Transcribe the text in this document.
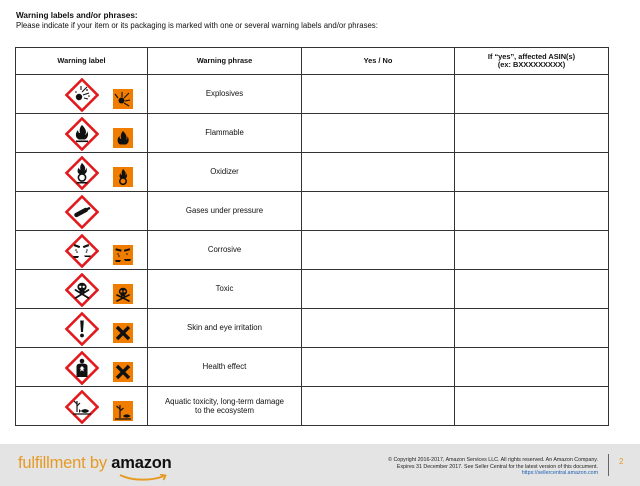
Warning labels and/or phrases:
Please indicate if your item or its packaging is marked with one or several warning labels and/or phrases:
Warning label	Warning phrase	Yes / No	If “yes”, affected ASIN(s)
(ex: BXXXXXXXXX)

	Explosives		

	Flammable		

	Oxidizer		

	Gases under pressure		

	Corrosive		

	Toxic		

	Skin and eye irritation		

	Health effect		

	Aquatic toxicity, long-term damage
to the ecosystem		
fulfillment by amazon	© Copyright 2016-2017, Amazon Services LLC. All rights reserved. An Amazon Company.
Expires 31 December 2017. See Seller Central for the latest version of this document.
https://sellercentral.amazon.com
2
